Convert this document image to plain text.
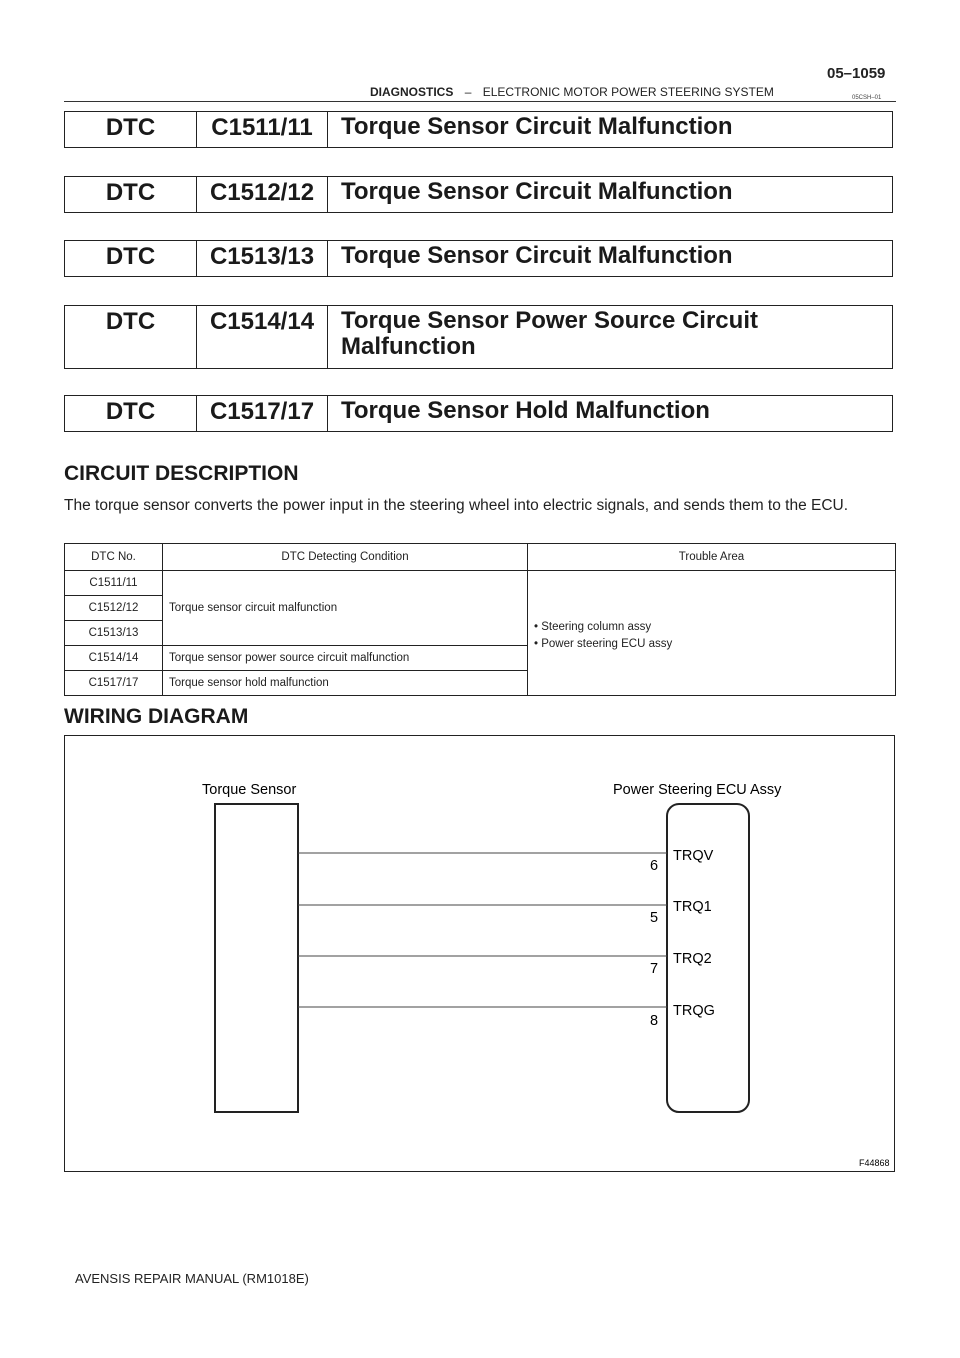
05–1059
DIAGNOSTICS – ELECTRONIC MOTOR POWER STEERING SYSTEM	05CSH–01
DTC	C1511/11	Torque Sensor Circuit Malfunction
DTC	C1512/12	Torque Sensor Circuit Malfunction
DTC	C1513/13	Torque Sensor Circuit Malfunction
DTC	C1514/14	Torque Sensor Power Source Circuit
Malfunction
DTC	C1517/17	Torque Sensor Hold Malfunction
CIRCUIT DESCRIPTION
The torque sensor converts the power input in the steering wheel into electric signals, and sends them to the ECU.
DTC No.	DTC Detecting Condition	Trouble Area
C1511/11	Torque sensor circuit malfunction	• Steering column assy
• Power steering ECU assy

C1512/12		
C1513/13		
C1514/14	Torque sensor power source circuit malfunction	
C1517/17	Torque sensor hold malfunction	
WIRING DIAGRAM
Torque Sensor	Power Steering ECU Assy
6
5
7
8
TRQV
TRQ1
TRQ2
TRQG
F44868
AVENSIS REPAIR MANUAL (RM1018E)
